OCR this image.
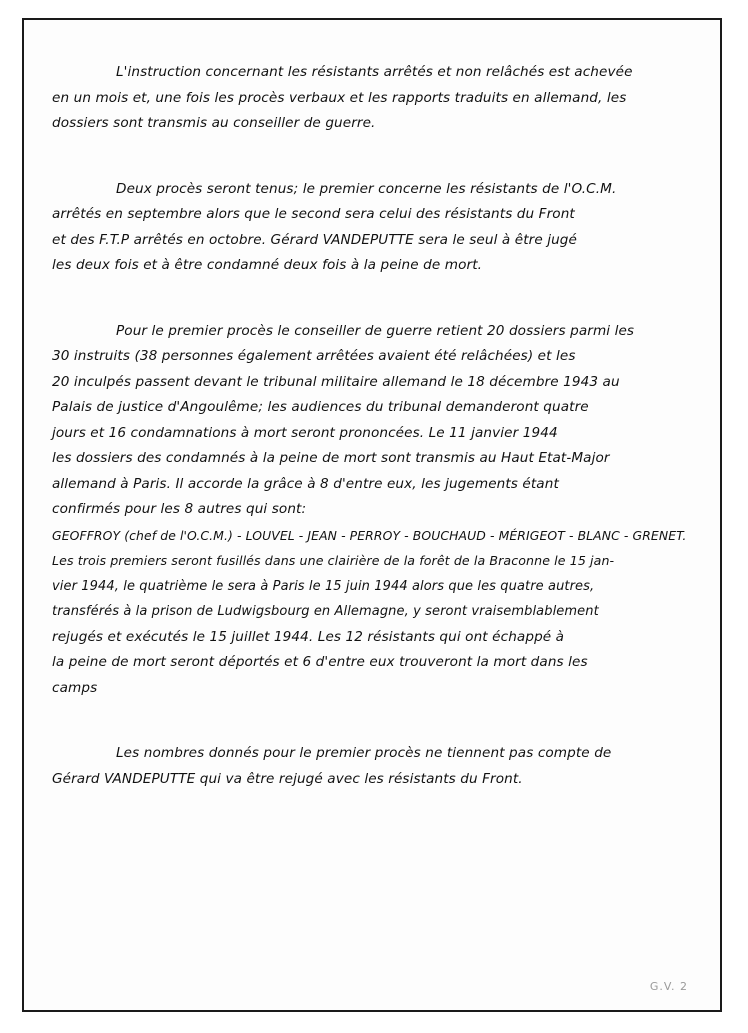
L'instruction concernant les résistants arrêtés et non relâchés est achevée
en un mois et, une fois les procès verbaux et les rapports traduits en allemand, les
dossiers sont transmis au conseiller de guerre.

Deux procès seront tenus; le premier concerne les résistants de l'O.C.M.
arrêtés en septembre alors que le second sera celui des résistants du Front
et des F.T.P arrêtés en octobre. Gérard VANDEPUTTE sera le seul à être jugé
les deux fois et à être condamné deux fois à la peine de mort.

Pour le premier procès le conseiller de guerre retient 20 dossiers parmi les
30 instruits (38 personnes également arrêtées avaient été relâchées) et les
20 inculpés passent devant le tribunal militaire allemand le 18 décembre 1943 au
Palais de justice d'Angoulême; les audiences du tribunal demanderont quatre
jours et 16 condamnations à mort seront prononcées. Le 11 janvier 1944
les dossiers des condamnés à la peine de mort sont transmis au Haut Etat-Major
allemand à Paris. Il accorde la grâce à 8 d'entre eux, les jugements étant
confirmés pour les 8 autres qui sont:
GEOFFROY (chef de l'O.C.M.) - LOUVEL - JEAN - PERROY - BOUCHAUD - MÉRIGEOT - BLANC - GRENET.
Les trois premiers seront fusillés dans une clairière de la forêt de la Braconne le 15 jan-
vier 1944, le quatrième le sera à Paris le 15 juin 1944 alors que les quatre autres,
transférés à la prison de Ludwigsbourg en Allemagne, y seront vraisemblablement
rejugés et exécutés le 15 juillet 1944. Les 12 résistants qui ont échappé à
la peine de mort seront déportés et 6 d'entre eux trouveront la mort dans les
camps

Les nombres donnés pour le premier procès ne tiennent pas compte de
Gérard VANDEPUTTE qui va être rejugé avec les résistants du Front.

G.V. 2
